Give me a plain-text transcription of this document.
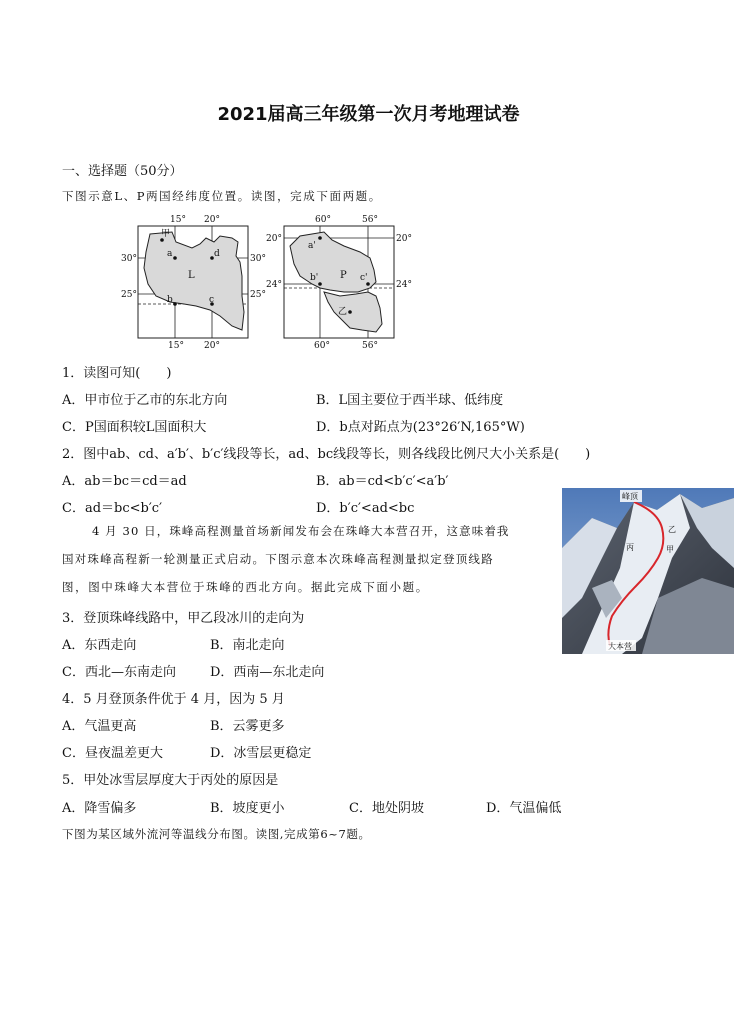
2021届高三年级第一次月考地理试卷
一、选择题（50分）
下图示意L、P两国经纬度位置。读图，完成下面两题。
15° 20°
15° 20°
30°
25°
30°
25°
甲
a	d
L
b	c
60°	56°
60°	56°
20°
24°
20°
24°
a'
b' P c'
乙
1．读图可知(　　)
A．甲市位于乙市的东北方向	B．L国主要位于西半球、低纬度
C．P国面积较L国面积大	D．b点对跖点为(23°26′N,165°W)
2．图中ab、cd、a′b′、b′c′线段等长，ad、bc线段等长，则各线段比例尺大小关系是(　　)
A．ab＝bc＝cd＝ad	B．ab＝cd<b′c′<a′b′
C．ad＝bc<b′c′	D．b′c′<ad<bc
4 月 30 日，珠峰高程测量首场新闻发布会在珠峰大本营召开，这意味着我
国对珠峰高程新一轮测量正式启动。下图示意本次珠峰高程测量拟定登顶线路
图，图中珠峰大本营位于珠峰的西北方向。据此完成下面小题。
峰顶
甲
乙
丙
大本营
3．登顶珠峰线路中，甲乙段冰川的走向为
A．东西走向	B．南北走向
C．西北—东南走向	D．西南—东北走向
4．5 月登顶条件优于 4 月，因为 5 月
A．气温更高	B．云雾更多
C．昼夜温差更大	D．冰雪层更稳定
5．甲处冰雪层厚度大于丙处的原因是
A．降雪偏多	B．坡度更小	C．地处阴坡	D．气温偏低
下图为某区域外流河等温线分布图。读图,完成第6~7题。
